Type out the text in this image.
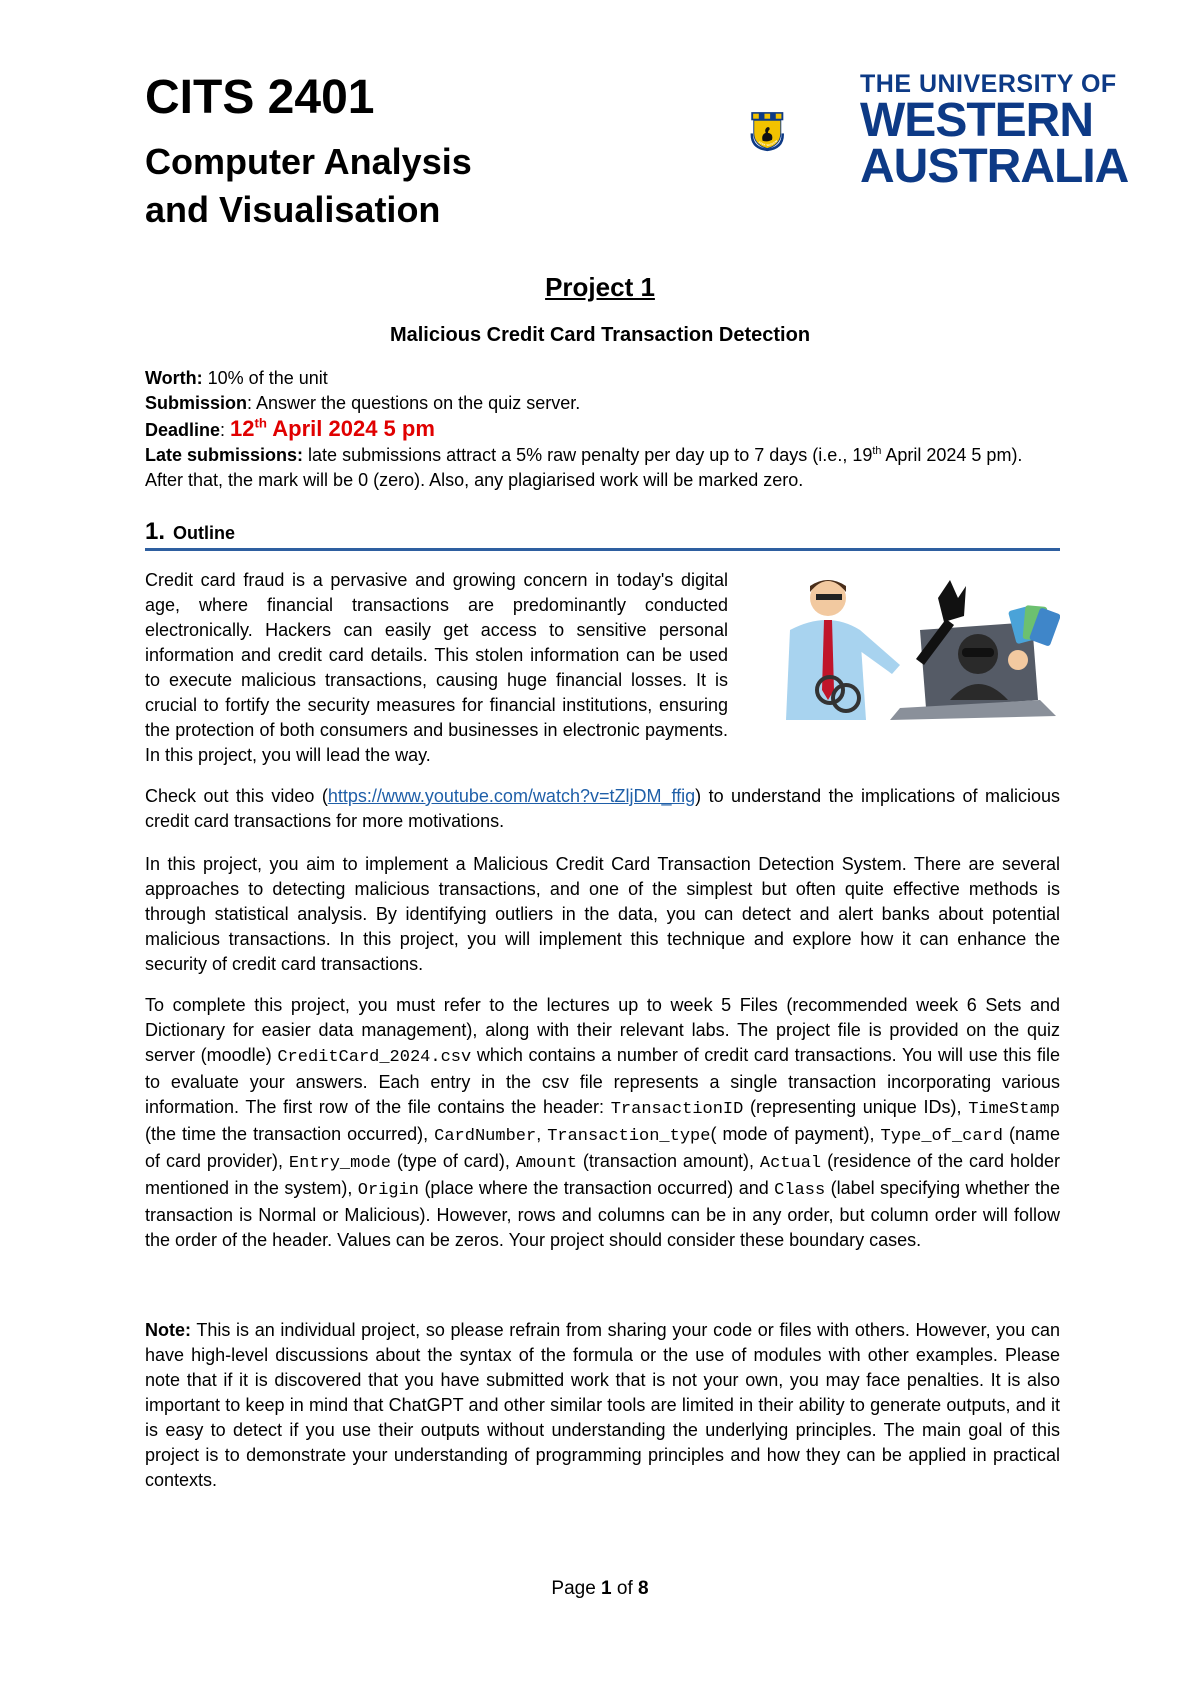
CITS 2401
Computer Analysis
and Visualisation
SEEK WISDOM
THE UNIVERSITY OF
WESTERN
AUSTRALIA
Project 1
Malicious Credit Card Transaction Detection
Worth: 10% of the unit
Submission: Answer the questions on the quiz server.
Deadline: 12th April 2024 5 pm
Late submissions: late submissions attract a 5% raw penalty per day up to 7 days (i.e., 19th April 2024 5 pm). After that, the mark will be 0 (zero). Also, any plagiarised work will be marked zero.
1. Outline

Credit card fraud is a pervasive and growing concern in today's digital age, where financial transactions are predominantly conducted electronically. Hackers can easily get access to sensitive personal information and credit card details. This stolen information can be used to execute malicious transactions, causing huge financial losses. It is crucial to fortify the security measures for financial institutions, ensuring the protection of both consumers and businesses in electronic payments. In this project, you will lead the way.

Check out this video (https://www.youtube.com/watch?v=tZljDM_ffig) to understand the implications of malicious credit card transactions for more motivations.

In this project, you aim to implement a Malicious Credit Card Transaction Detection System. There are several approaches to detecting malicious transactions, and one of the simplest but often quite effective methods is through statistical analysis. By identifying outliers in the data, you can detect and alert banks about potential malicious transactions. In this project, you will implement this technique and explore how it can enhance the security of credit card transactions.

To complete this project, you must refer to the lectures up to week 5 Files (recommended week 6 Sets and Dictionary for easier data management), along with their relevant labs. The project file is provided on the quiz server (moodle) CreditCard_2024.csv which contains a number of credit card transactions. You will use this file to evaluate your answers. Each entry in the csv file represents a single transaction incorporating various information. The first row of the file contains the header: TransactionID (representing unique IDs), TimeStamp (the time the transaction occurred), CardNumber, Transaction_type( mode of payment), Type_of_card (name of card provider), Entry_mode (type of card), Amount (transaction amount), Actual (residence of the card holder mentioned in the system), Origin (place where the transaction occurred) and Class (label specifying whether the transaction is Normal or Malicious). However, rows and columns can be in any order, but column order will follow the order of the header. Values can be zeros. Your project should consider these boundary cases.

Note: This is an individual project, so please refrain from sharing your code or files with others. However, you can have high-level discussions about the syntax of the formula or the use of modules with other examples. Please note that if it is discovered that you have submitted work that is not your own, you may face penalties. It is also important to keep in mind that ChatGPT and other similar tools are limited in their ability to generate outputs, and it is easy to detect if you use their outputs without understanding the underlying principles. The main goal of this project is to demonstrate your understanding of programming principles and how they can be applied in practical contexts.

Page 1 of 8
